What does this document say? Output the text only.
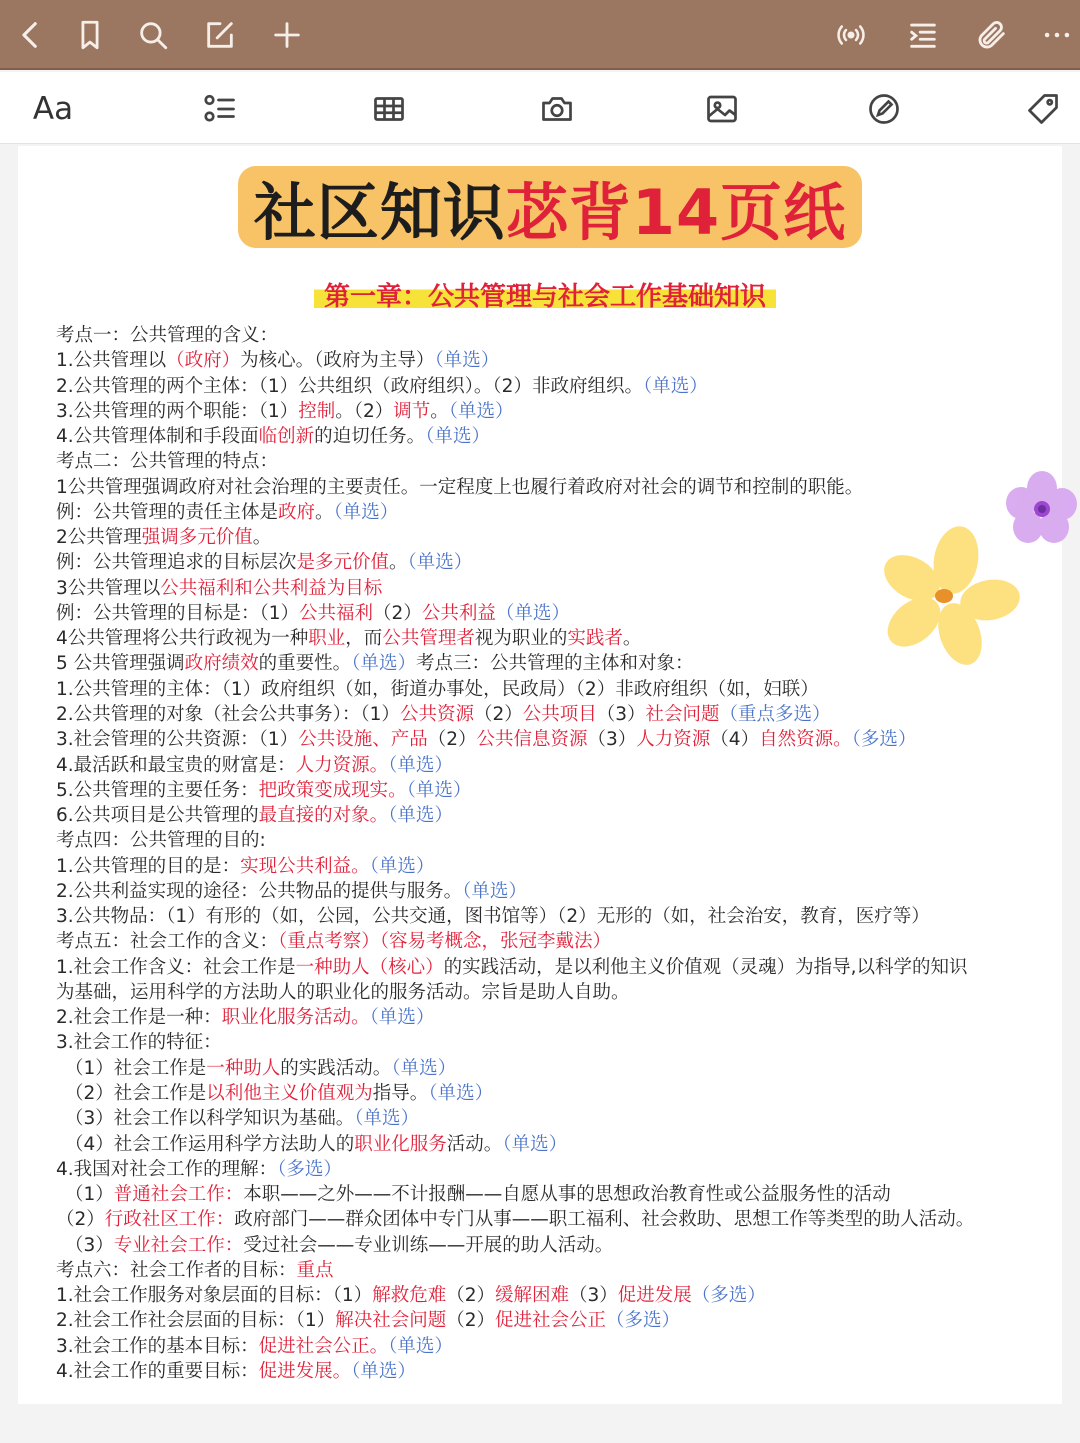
Aa
社区知识 苾背14页纸
第一章：公共管理与社会工作基础知识
考点一：公共管理的含义：
1.公共管理以（政府）为核心。（政府为主导）（单选）
2.公共管理的两个主体：（1）公共组织（政府组织）。（2）非政府组织。（单选）
3.公共管理的两个职能：（1）控制。（2）调节。（单选）
4.公共管理体制和手段面临创新的迫切任务。（单选）
考点二：公共管理的特点：
1公共管理强调政府对社会治理的主要责任。一定程度上也履行着政府对社会的调节和控制的职能。
例：公共管理的责任主体是政府。（单选）
2公共管理强调多元价值。
例：公共管理追求的目标层次是多元价值。（单选）
3公共管理以公共福利和公共利益为目标
例：公共管理的目标是：（1）公共福利（2）公共利益（单选）
4公共管理将公共行政视为一种职业，而公共管理者视为职业的实践者。
5 公共管理强调政府绩效的重要性。（单选）考点三：公共管理的主体和对象：
1.公共管理的主体：（1）政府组织（如，街道办事处，民政局）（2）非政府组织（如，妇联）
2.公共管理的对象（社会公共事务）：（1）公共资源（2）公共项目（3）社会问题（重点多选）
3.社会管理的公共资源：（1）公共设施、产品（2）公共信息资源（3）人力资源（4）自然资源。（多选）
4.最活跃和最宝贵的财富是：人力资源。（单选）
5.公共管理的主要任务：把政策变成现实。（单选）
6.公共项目是公共管理的最直接的对象。（单选）
考点四：公共管理的目的:
1.公共管理的目的是：实现公共利益。（单选）
2.公共利益实现的途径：公共物品的提供与服务。（单选）
3.公共物品：（1）有形的（如，公园，公共交通，图书馆等）（2）无形的（如，社会治安，教育，医疗等）
考点五：社会工作的含义：（重点考察）（容易考概念，张冠李戴法）
1.社会工作含义：社会工作是一种助人（核心）的实践活动，是以利他主义价值观（灵魂）为指导,以科学的知识
为基础，运用科学的方法助人的职业化的服务活动。宗旨是助人自助。
2.社会工作是一种：职业化服务活动。（单选）
3.社会工作的特征：
（1）社会工作是一种助人的实践活动。（单选）
（2）社会工作是以利他主义价值观为指导。（单选）
（3）社会工作以科学知识为基础。（单选）
（4）社会工作运用科学方法助人的职业化服务活动。（单选）
4.我国对社会工作的理解：（多选）
（1）普通社会工作：本职——之外——不计报酬——自愿从事的思想政治教育性或公益服务性的活动
（2）行政社区工作：政府部门——群众团体中专门从事——职工福利、社会救助、思想工作等类型的助人活动。
（3）专业社会工作：受过社会——专业训练——开展的助人活动。
考点六：社会工作者的目标：重点
1.社会工作服务对象层面的目标：（1）解救危难（2）缓解困难（3）促进发展（多选）
2.社会工作社会层面的目标：（1）解决社会问题（2）促进社会公正（多选）
3.社会工作的基本目标：促进社会公正。（单选）
4.社会工作的重要目标：促进发展。（单选）
